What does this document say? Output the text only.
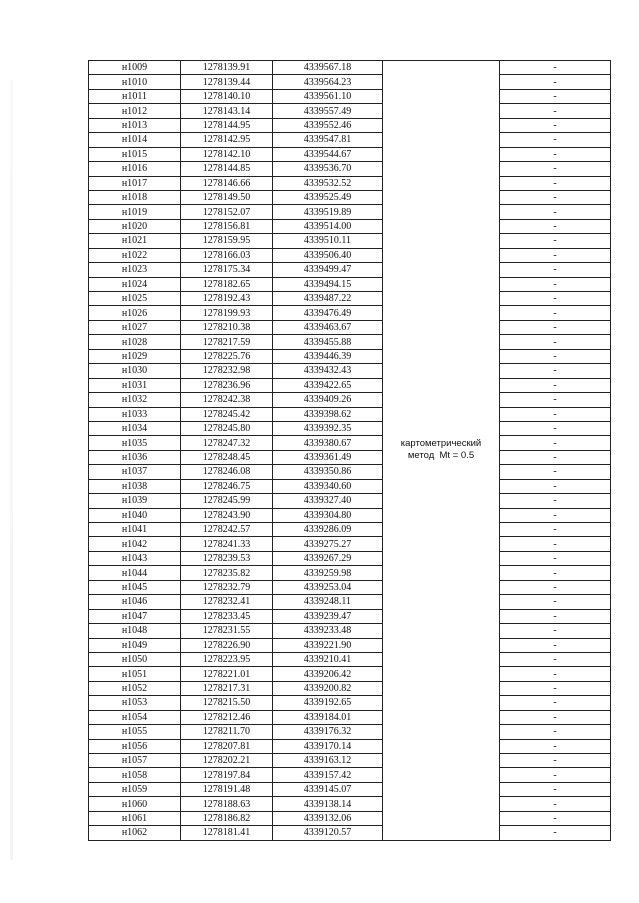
н1009	1278139.91	4339567.18	картометрический
метод  Mt = 0.5	-
н1010	1278139.44	4339564.23		-
н1011	1278140.10	4339561.10		-
н1012	1278143.14	4339557.49		-
н1013	1278144.95	4339552.46		-
н1014	1278142.95	4339547.81		-
н1015	1278142.10	4339544.67		-
н1016	1278144.85	4339536.70		-
н1017	1278146.66	4339532.52		-
н1018	1278149.50	4339525.49		-
н1019	1278152.07	4339519.89		-
н1020	1278156.81	4339514.00		-
н1021	1278159.95	4339510.11		-
н1022	1278166.03	4339506.40		-
н1023	1278175.34	4339499.47		-
н1024	1278182.65	4339494.15		-
н1025	1278192.43	4339487.22		-
н1026	1278199.93	4339476.49		-
н1027	1278210.38	4339463.67		-
н1028	1278217.59	4339455.88		-
н1029	1278225.76	4339446.39		-
н1030	1278232.98	4339432.43		-
н1031	1278236.96	4339422.65		-
н1032	1278242.38	4339409.26		-
н1033	1278245.42	4339398.62		-
н1034	1278245.80	4339392.35		-
н1035	1278247.32	4339380.67		-
н1036	1278248.45	4339361.49		-
н1037	1278246.08	4339350.86		-
н1038	1278246.75	4339340.60		-
н1039	1278245.99	4339327.40		-
н1040	1278243.90	4339304.80		-
н1041	1278242.57	4339286.09		-
н1042	1278241.33	4339275.27		-
н1043	1278239.53	4339267.29		-
н1044	1278235.82	4339259.98		-
н1045	1278232.79	4339253.04		-
н1046	1278232.41	4339248.11		-
н1047	1278233.45	4339239.47		-
н1048	1278231.55	4339233.48		-
н1049	1278226.90	4339221.90		-
н1050	1278223.95	4339210.41		-
н1051	1278221.01	4339206.42		-
н1052	1278217.31	4339200.82		-
н1053	1278215.50	4339192.65		-
н1054	1278212.46	4339184.01		-
н1055	1278211.70	4339176.32		-
н1056	1278207.81	4339170.14		-
н1057	1278202.21	4339163.12		-
н1058	1278197.84	4339157.42		-
н1059	1278191.48	4339145.07		-
н1060	1278188.63	4339138.14		-
н1061	1278186.82	4339132.06		-
н1062	1278181.41	4339120.57		-
